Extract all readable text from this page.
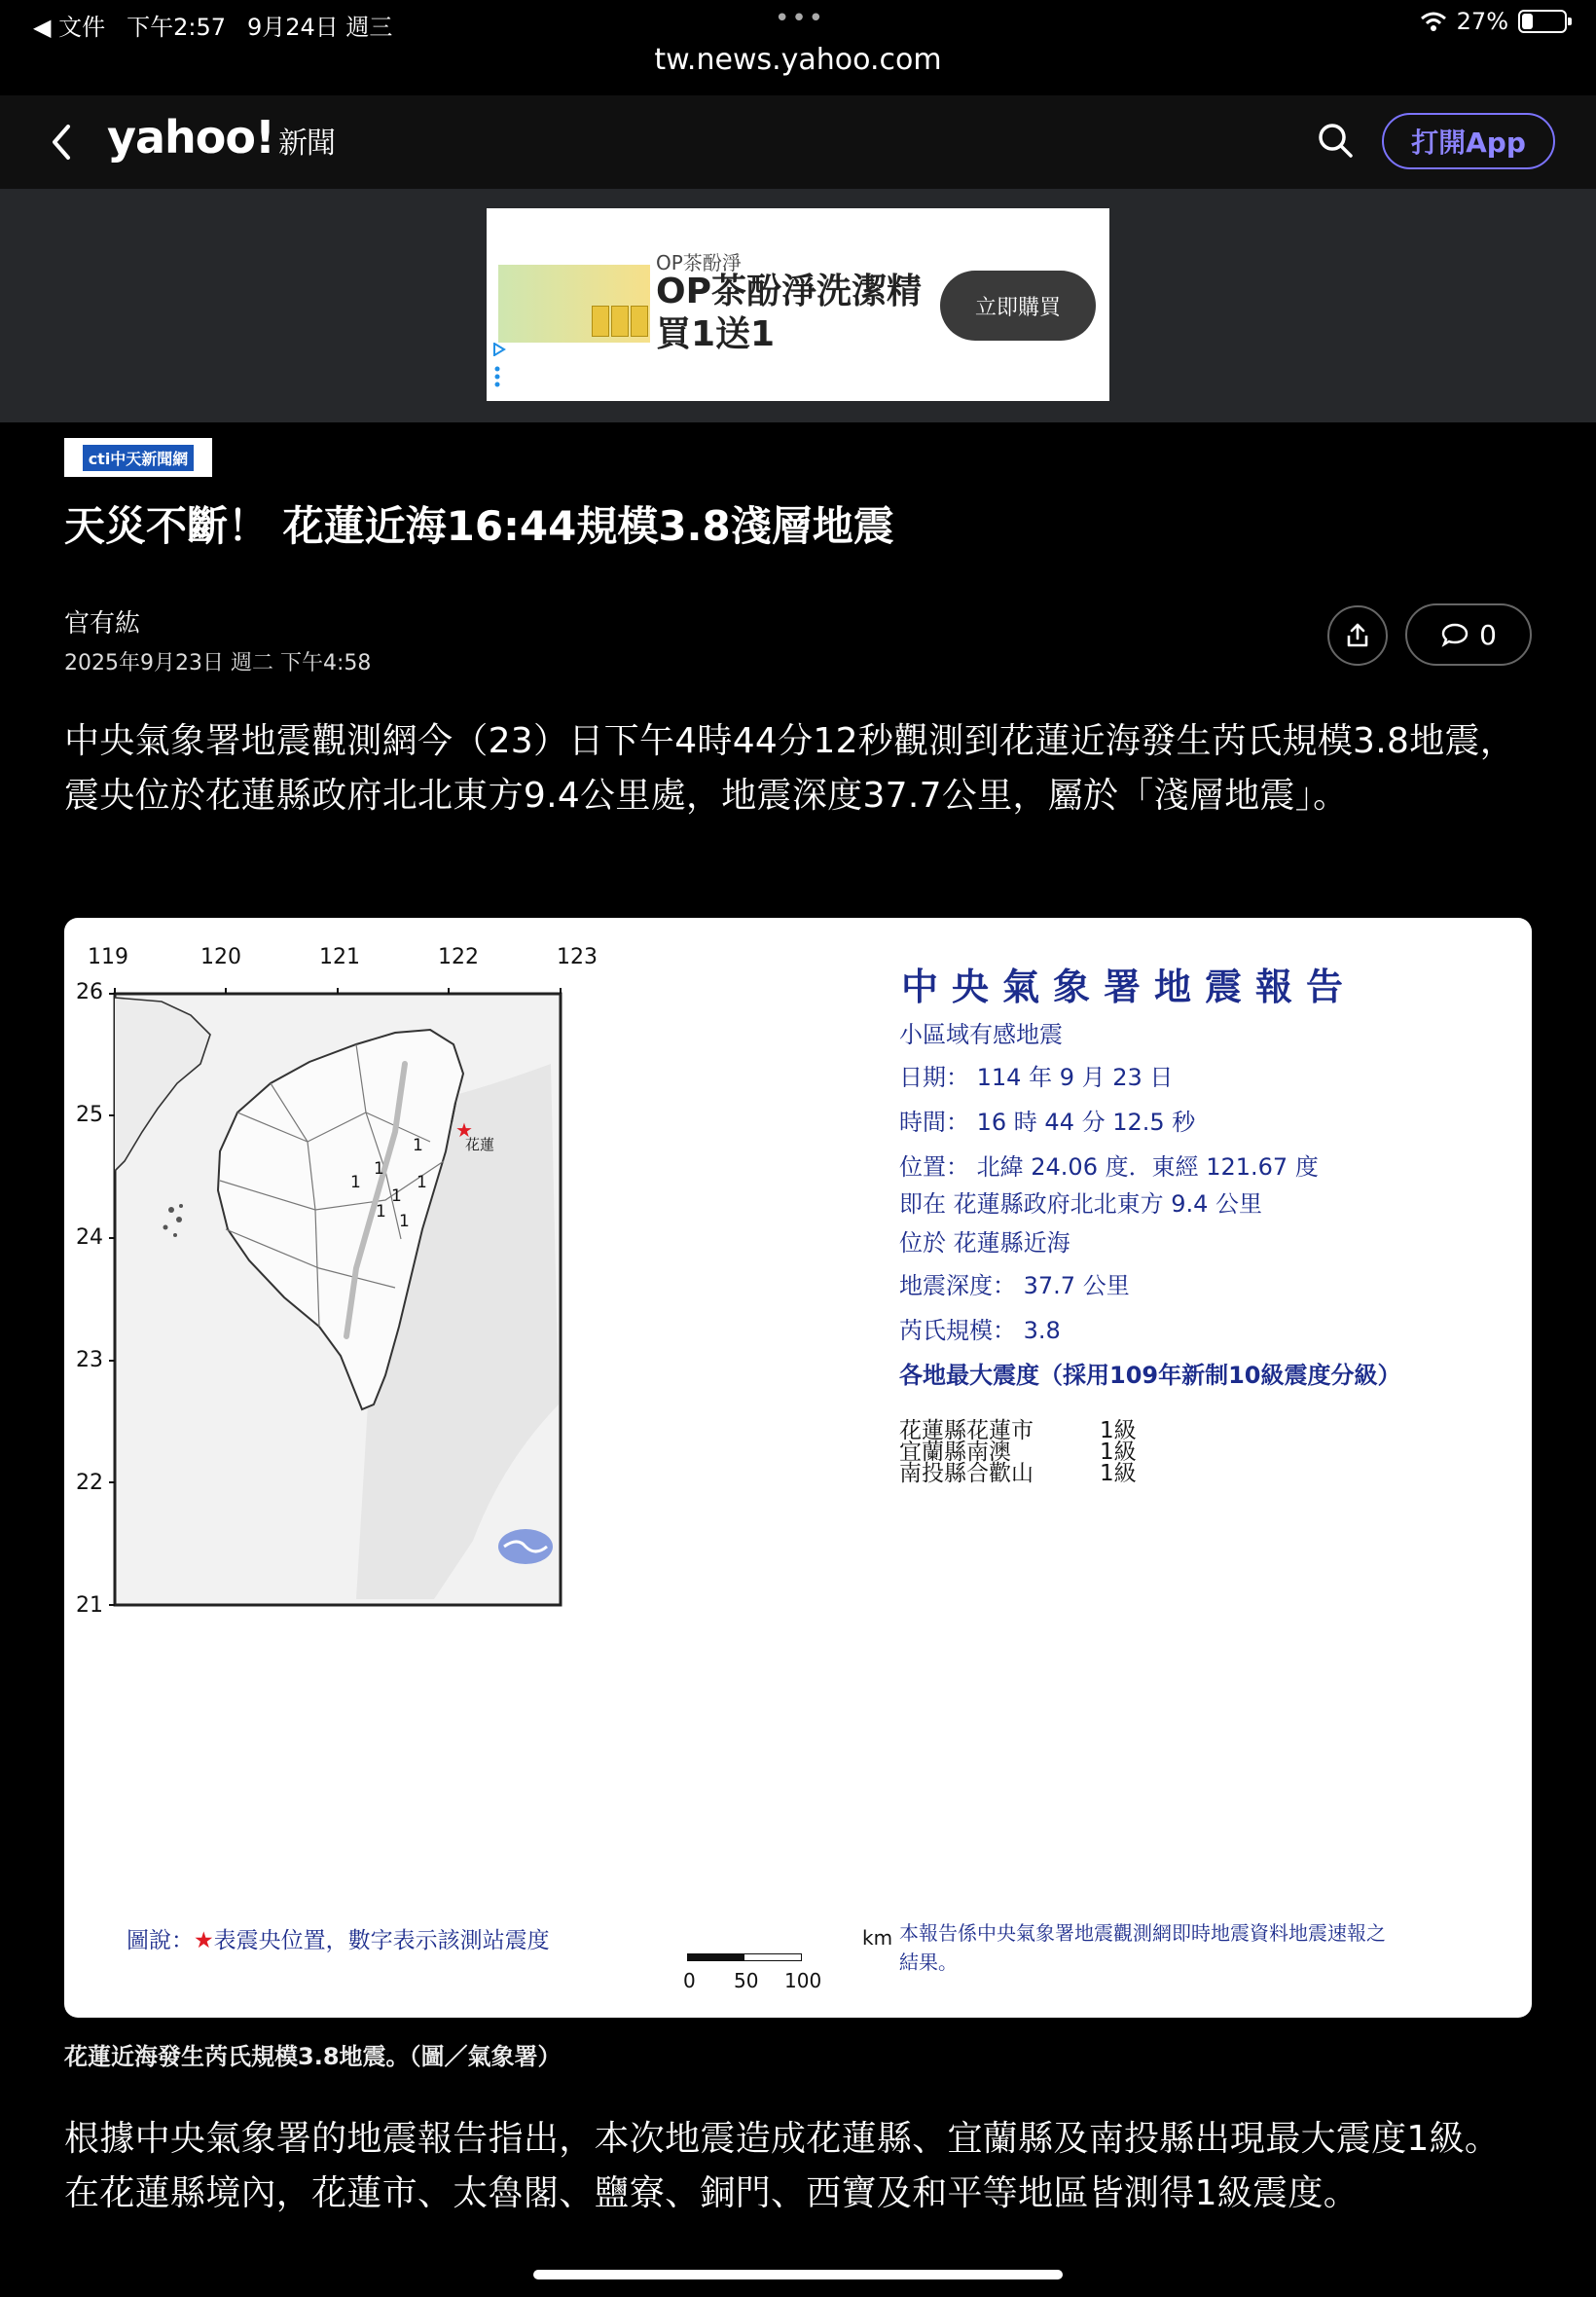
◀ 文件 下午2:57 9月24日 週三	•••	27%
tw.news.yahoo.com
yahoo! 新聞	打開App
OP茶酚淨
OP茶酚淨洗潔精買1送1
立即購買
cti中天新聞網
天災不斷！ 花蓮近海16:44規模3.8淺層地震
官有紘
2025年9月23日 週二 下午4:58
0
中央氣象署地震觀測網今（23）日下午4時44分12秒觀測到花蓮近海發生芮氏規模3.8地震，震央位於花蓮縣政府北北東方9.4公里處，地震深度37.7公里，屬於「淺層地震」。
119	120	121	122	123
26
25
24
23
22
21
1
1
1
1
1 1
1
★
花蓮
圖說：★表震央位置，數字表示該測站震度	km
0 50 100
中央氣象署地震報告
小區域有感地震
日期： 114 年 9 月 23 日
時間： 16 時 44 分 12.5 秒
位置： 北緯 24.06 度．東經 121.67 度
即在 花蓮縣政府北北東方 9.4 公里
位於 花蓮縣近海
地震深度： 37.7 公里
芮氏規模： 3.8
各地最大震度（採用109年新制10級震度分級）
花蓮縣花蓮市	1級
宜蘭縣南澳	1級
南投縣合歡山	1級
本報告係中央氣象署地震觀測網即時地震資料地震速報之結果。
花蓮近海發生芮氏規模3.8地震。（圖／氣象署）
根據中央氣象署的地震報告指出，本次地震造成花蓮縣、宜蘭縣及南投縣出現最大震度1級。在花蓮縣境內，花蓮市、太魯閣、鹽寮、銅門、西寶及和平等地區皆測得1級震度。
